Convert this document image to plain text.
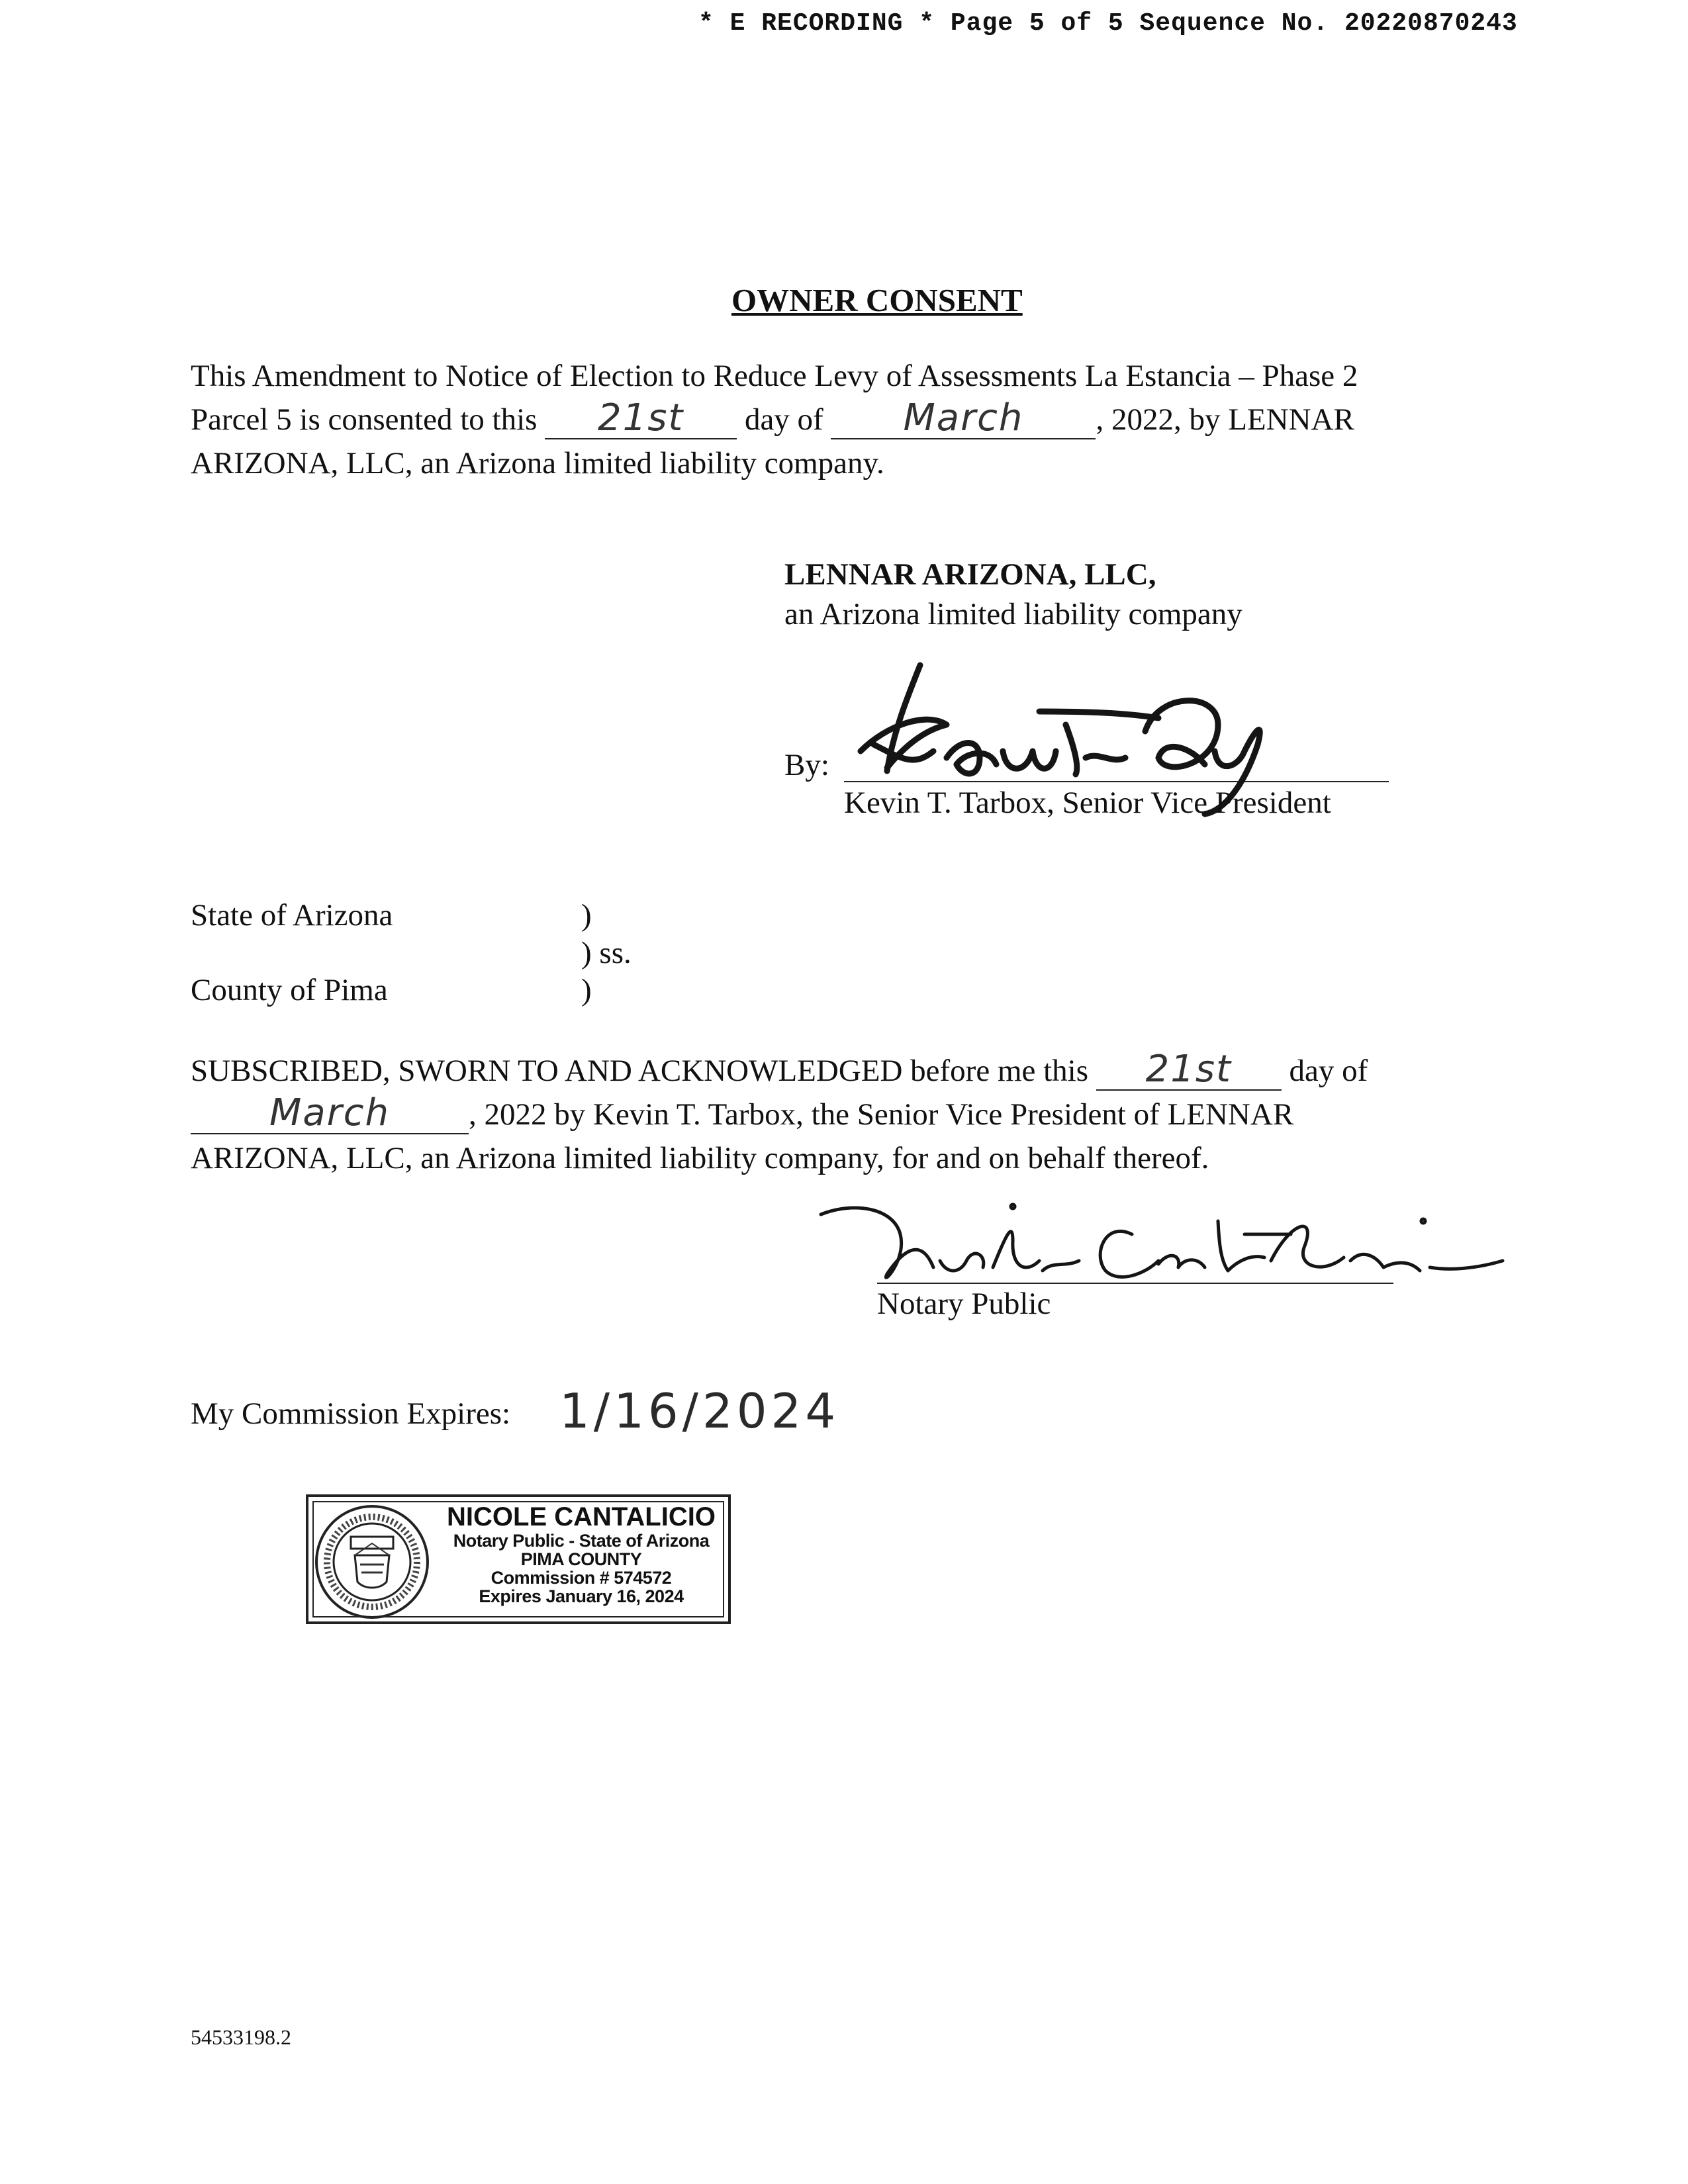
* E RECORDING * Page 5 of 5 Sequence No. 20220870243
OWNER CONSENT
This Amendment to Notice of Election to Reduce Levy of Assessments La Estancia – Phase 2
Parcel 5 is consented to this	21st	day of	March	, 2022, by LENNAR
ARIZONA, LLC, an Arizona limited liability company.
LENNAR ARIZONA, LLC,
an Arizona limited liability company
By:
Kevin T. Tarbox, Senior Vice President
State of Arizona	)
) ss.
County of Pima	)
SUBSCRIBED, SWORN TO AND ACKNOWLEDGED before me this	21st	day of
March	, 2022 by Kevin T. Tarbox, the Senior Vice President of LENNAR
ARIZONA, LLC, an Arizona limited liability company, for and on behalf thereof.
Notary Public
My Commission Expires: 1/16/2024
NICOLE CANTALICIO
Notary Public - State of Arizona
PIMA COUNTY
Commission # 574572
Expires January 16, 2024
54533198.2
